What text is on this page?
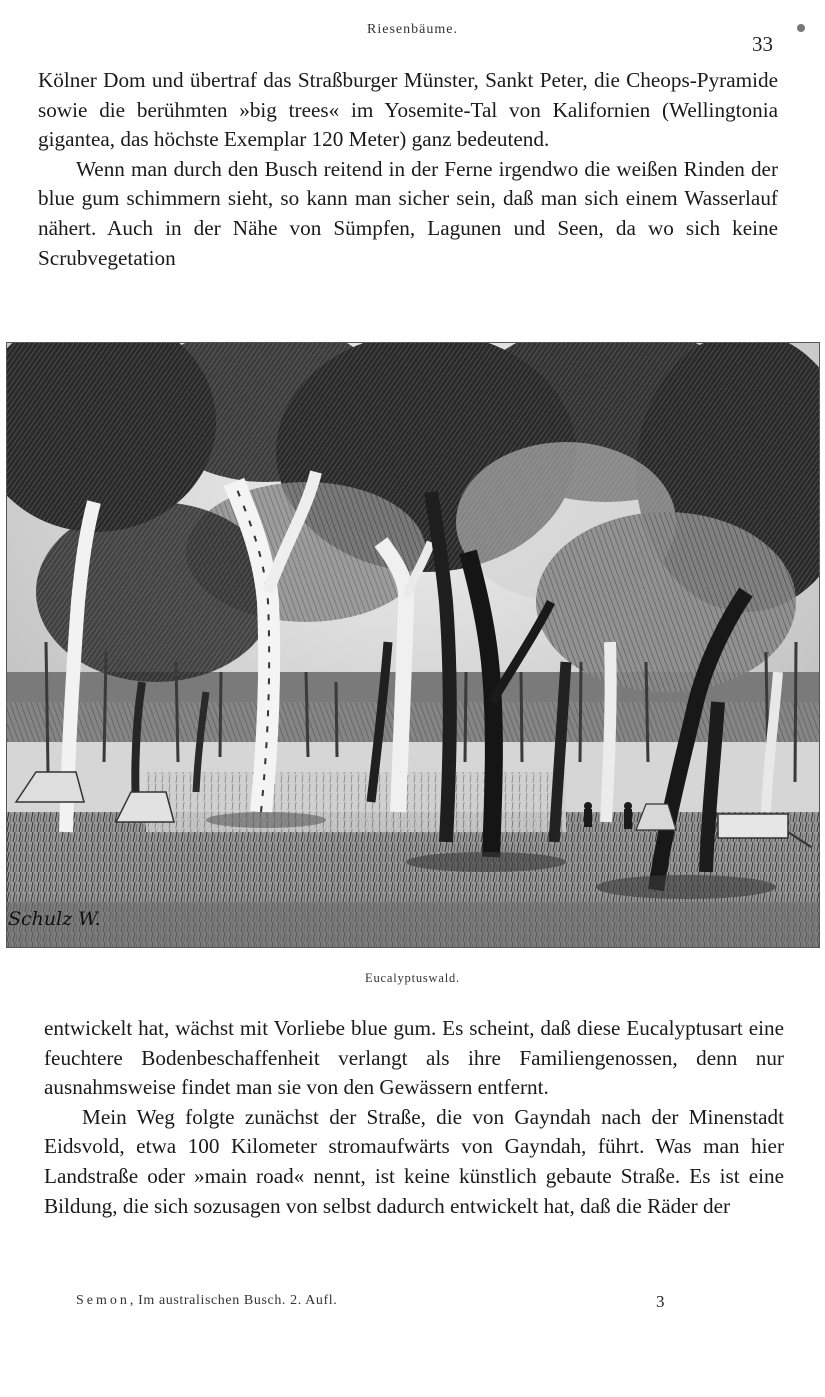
Riesenbäume.
33

Kölner Dom und übertraf das Straßburger Münster, Sankt Peter, die Cheops-Pyramide sowie die berühmten »big trees« im Yosemite-Tal von Kalifornien (Wellingtonia gigantea, das höchste Exemplar 120 Meter) ganz bedeutend.

Wenn man durch den Busch reitend in der Ferne irgendwo die weißen Rinden der blue gum schimmern sieht, so kann man sicher sein, daß man sich einem Wasserlauf nähert. Auch in der Nähe von Sümpfen, Lagunen und Seen, da wo sich keine Scrubvegetation

Schulz W.
Eucalyptuswald.

entwickelt hat, wächst mit Vorliebe blue gum. Es scheint, daß diese Eucalyptusart eine feuchtere Bodenbeschaffenheit verlangt als ihre Familiengenossen, denn nur ausnahmsweise findet man sie von den Gewässern entfernt.

Mein Weg folgte zunächst der Straße, die von Gayndah nach der Minenstadt Eidsvold, etwa 100 Kilometer stromaufwärts von Gayndah, führt. Was man hier Landstraße oder »main road« nennt, ist keine künstlich gebaute Straße. Es ist eine Bildung, die sich sozusagen von selbst dadurch entwickelt hat, daß die Räder der

Semon, Im australischen Busch. 2. Aufl.	3
